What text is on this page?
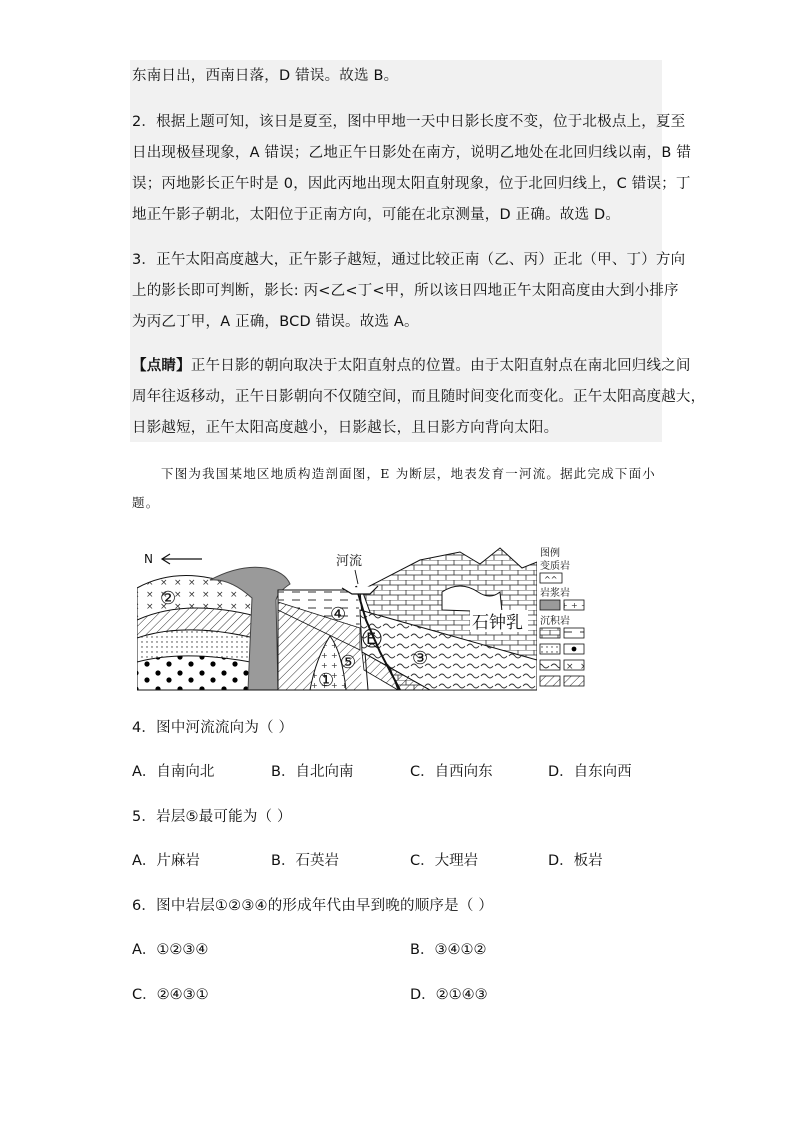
东南日出，西南日落，D 错误。故选 B。
2．根据上题可知，该日是夏至，图中甲地一天中日影长度不变，位于北极点上，夏至
日出现极昼现象，A 错误；乙地正午日影处在南方，说明乙地处在北回归线以南，B 错
误；丙地影长正午时是 0，因此丙地出现太阳直射现象，位于北回归线上，C 错误；丁
地正午影子朝北，太阳位于正南方向，可能在北京测量，D 正确。故选 D。
3．正午太阳高度越大，正午影子越短，通过比较正南（乙、丙）正北（甲、丁）方向
上的影长即可判断，影长: 丙<乙<丁<甲，所以该日四地正午太阳高度由大到小排序
为丙乙丁甲，A 正确，BCD 错误。故选 A。
【点睛】正午日影的朝向取决于太阳直射点的位置。由于太阳直射点在南北回归线之间
周年往返移动，正午日影朝向不仅随空间，而且随时间变化而变化。正午太阳高度越大，
日影越短，正午太阳高度越小，日影越长，且日影方向背向太阳。
下图为我国某地区地质构造剖面图，E 为断层，地表发育一河流。据此完成下面小
题。
N	河流
②
④
E
⑤
①
③
石钟乳
图例
变质岩
^^
岩浆岩
沉积岩
4．图中河流流向为（ ）
A．自南向北	B．自北向南	C．自西向东	D．自东向西
5．岩层⑤最可能为（ ）
A．片麻岩	B．石英岩	C．大理岩	D．板岩
6．图中岩层①②③④的形成年代由早到晚的顺序是（ ）
A．①②③④	B．③④①②
C．②④③①	D．②①④③
